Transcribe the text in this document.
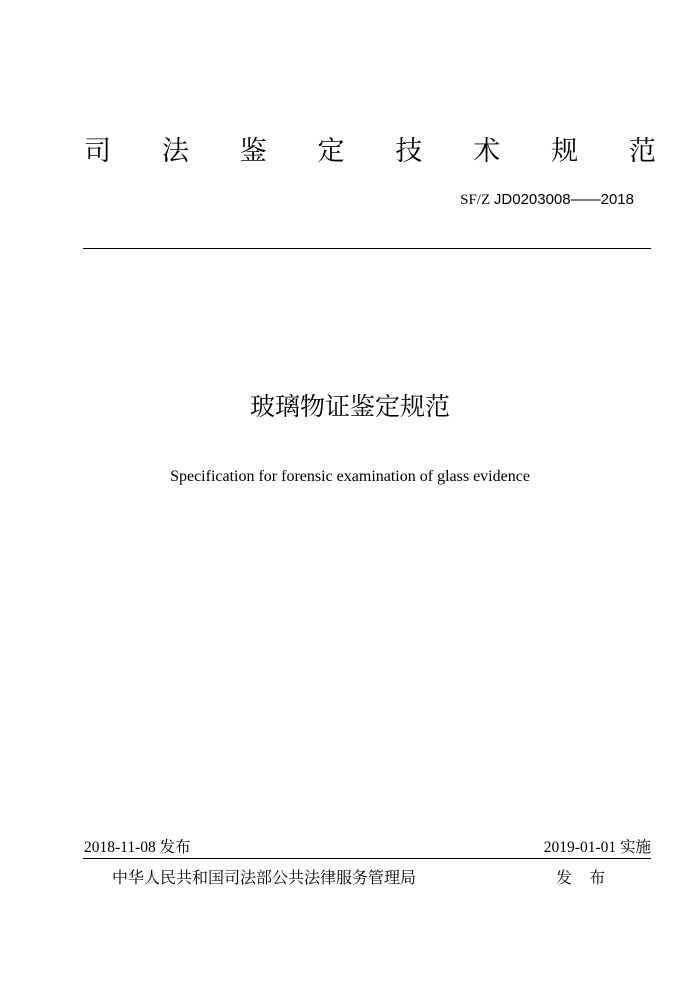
司 法 鉴 定 技 术 规 范
SF/Z JD0203008——2018
玻璃物证鉴定规范
Specification for forensic examination of glass evidence
2018-11-08 发布	2019-01-01 实施
中华人民共和国司法部公共法律服务管理局	发 布
